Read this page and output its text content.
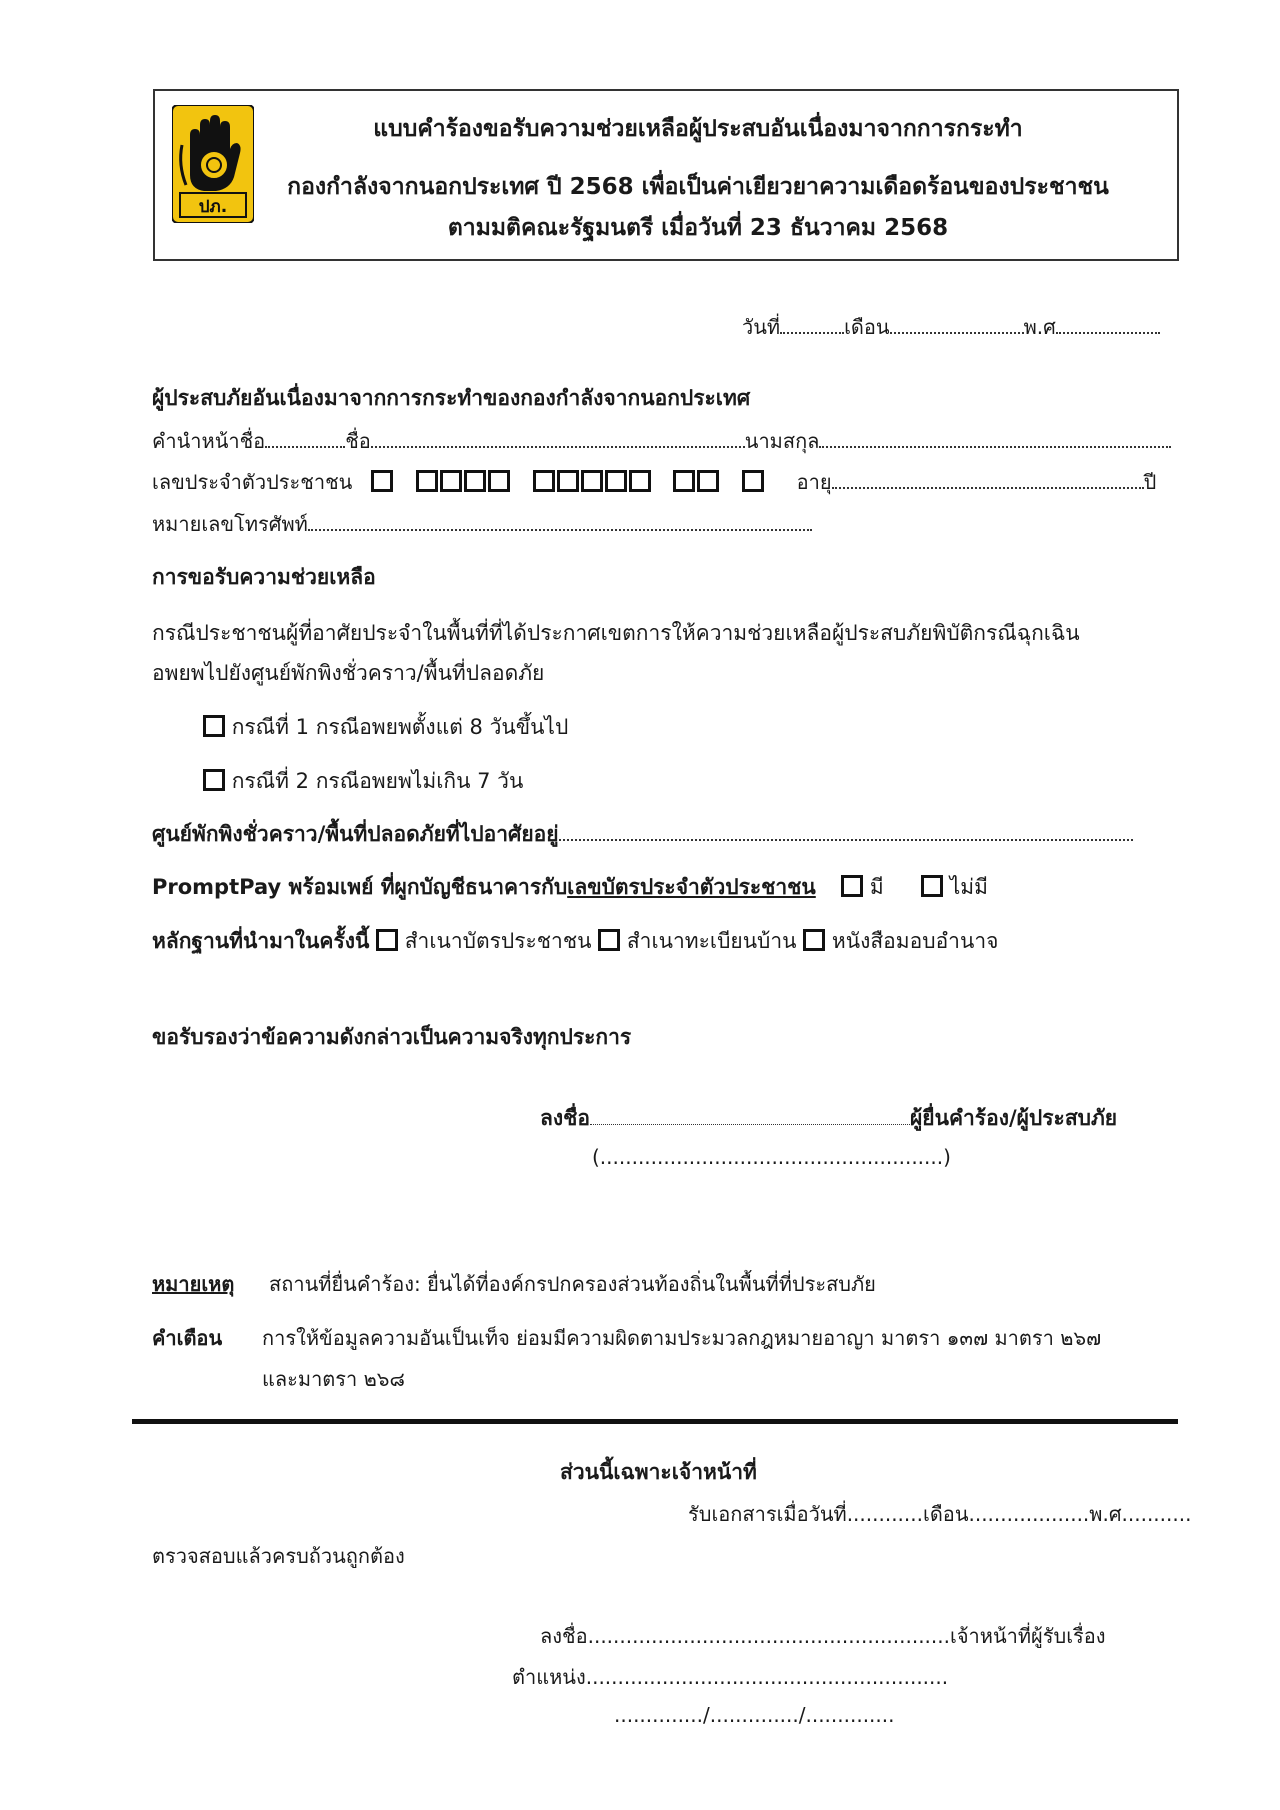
ปภ.
แบบคำร้องขอรับความช่วยเหลือผู้ประสบอันเนื่องมาจากการกระทำ
กองกำลังจากนอกประเทศ ปี 2568 เพื่อเป็นค่าเยียวยาความเดือดร้อนของประชาชน
ตามมติคณะรัฐมนตรี เมื่อวันที่ 23 ธันวาคม 2568
วันที่	เดือน	พ.ศ
ผู้ประสบภัยอันเนื่องมาจากการกระทำของกองกำลังจากนอกประเทศ
คำนำหน้าชื่อ	ชื่อ	นามสกุล
เลขประจำตัวประชาชน	อายุ	ปี
หมายเลขโทรศัพท์
การขอรับความช่วยเหลือ
กรณีประชาชนผู้ที่อาศัยประจำในพื้นที่ที่ได้ประกาศเขตการให้ความช่วยเหลือผู้ประสบภัยพิบัติกรณีฉุกเฉิน
อพยพไปยังศูนย์พักพิงชั่วคราว/พื้นที่ปลอดภัย
กรณีที่ 1 กรณีอพยพตั้งแต่ 8 วันขึ้นไป
กรณีที่ 2 กรณีอพยพไม่เกิน 7 วัน
ศูนย์พักพิงชั่วคราว/พื้นที่ปลอดภัยที่ไปอาศัยอยู่
PromptPay พร้อมเพย์ ที่ผูกบัญชีธนาคารกับเลขบัตรประจำตัวประชาชน	มี	ไม่มี
หลักฐานที่นำมาในครั้งนี้ สำเนาบัตรประชาชน สำเนาทะเบียนบ้าน หนังสือมอบอำนาจ
ขอรับรองว่าข้อความดังกล่าวเป็นความจริงทุกประการ
ลงชื่อ	ผู้ยื่นคำร้อง/ผู้ประสบภัย
(......................................................)
หมายเหตุ สถานที่ยื่นคำร้อง: ยื่นได้ที่องค์กรปกครองส่วนท้องถิ่นในพื้นที่ที่ประสบภัย
คำเตือน การให้ข้อมูลความอันเป็นเท็จ ย่อมมีความผิดตามประมวลกฎหมายอาญา มาตรา ๑๓๗ มาตรา ๒๖๗
และมาตรา ๒๖๘
ส่วนนี้เฉพาะเจ้าหน้าที่
รับเอกสารเมื่อวันที่............เดือน...................พ.ศ...........
ตรวจสอบแล้วครบถ้วนถูกต้อง
ลงชื่อ.........................................................เจ้าหน้าที่ผู้รับเรื่อง
ตำแหน่ง.........................................................
............../............../..............
